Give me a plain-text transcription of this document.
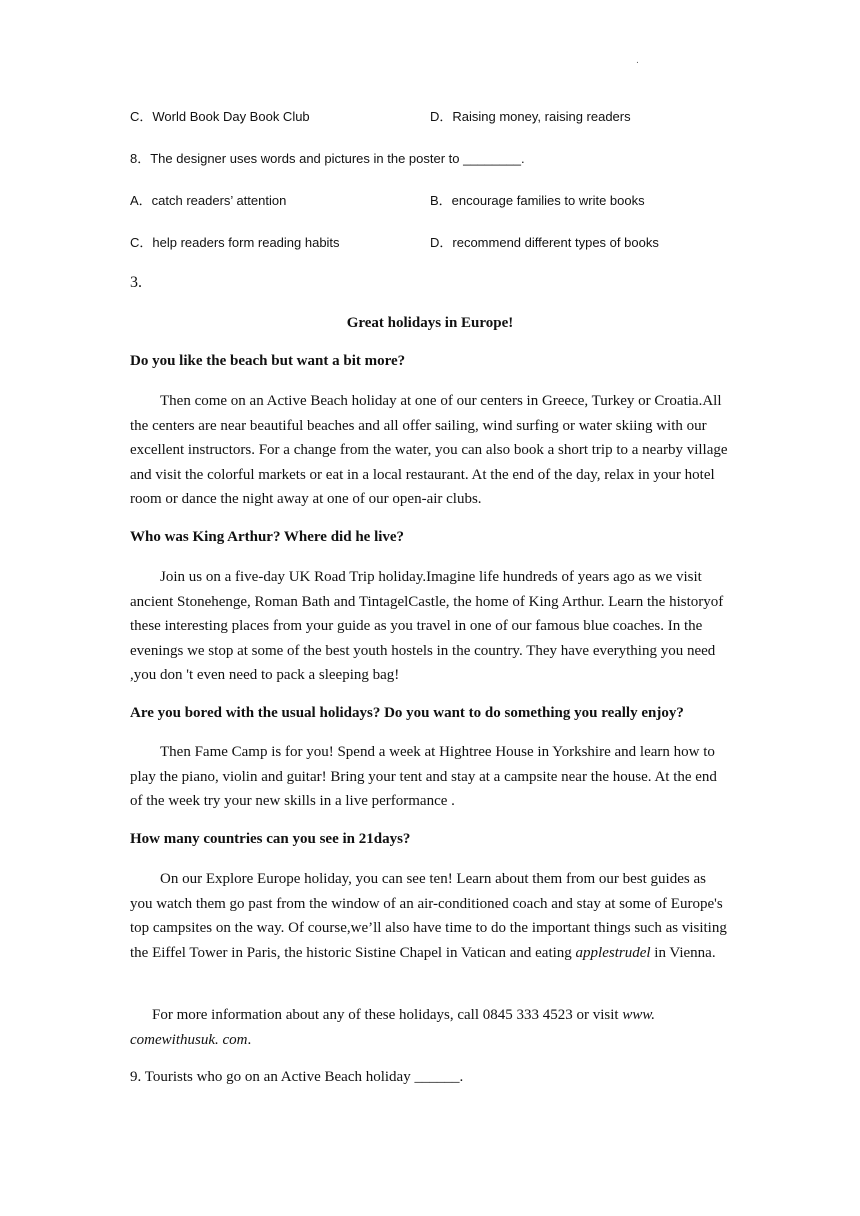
.
C．World Book Day Book Club	D．Raising money, raising readers
8．The designer uses words and pictures in the poster to ________.
A．catch readers’ attention	B．encourage families to write books
C．help readers form reading habits	D．recommend different types of books
3.
Great holidays in Europe!
Do you like the beach but want a bit more?

Then come on an Active Beach holiday at one of our centers in Greece, Turkey or Croatia.All the centers are near beautiful beaches and all offer sailing, wind surfing or water skiing with our excellent instructors. For a change from the water, you can also book a short trip to a nearby village and visit the colorful markets or eat in a local restaurant. At the end of the day, relax in your hotel room or dance the night away at one of our open-air clubs.

Who was King Arthur? Where did he live?

Join us on a five-day UK Road Trip holiday.Imagine life hundreds of years ago as we visit ancient Stonehenge, Roman Bath and TintagelCastle, the home of King Arthur. Learn the historyof these interesting places from your guide as you travel in one of our famous blue coaches. In the evenings we stop at some of the best youth hostels in the country. They have everything you need ,you don 't even need to pack a sleeping bag!

Are you bored with the usual holidays? Do you want to do something you really enjoy?

Then Fame Camp is for you! Spend a week at Hightree House in Yorkshire and learn how to play the piano, violin and guitar! Bring your tent and stay at a campsite near the house. At the end of the week try your new skills in a live performance .

How many countries can you see in 21days?

On our Explore Europe holiday, you can see ten! Learn about them from our best guides as you watch them go past from the window of an air-conditioned coach and stay at some of Europe's top campsites on the way. Of course,we’ll also have time to do the important things such as visiting the Eiffel Tower in Paris, the historic Sistine Chapel in Vatican and eating applestrudel in Vienna.

For more information about any of these holidays, call 0845 333 4523 or visit www. comewithusuk. com.

9. Tourists who go on an Active Beach holiday ______.
